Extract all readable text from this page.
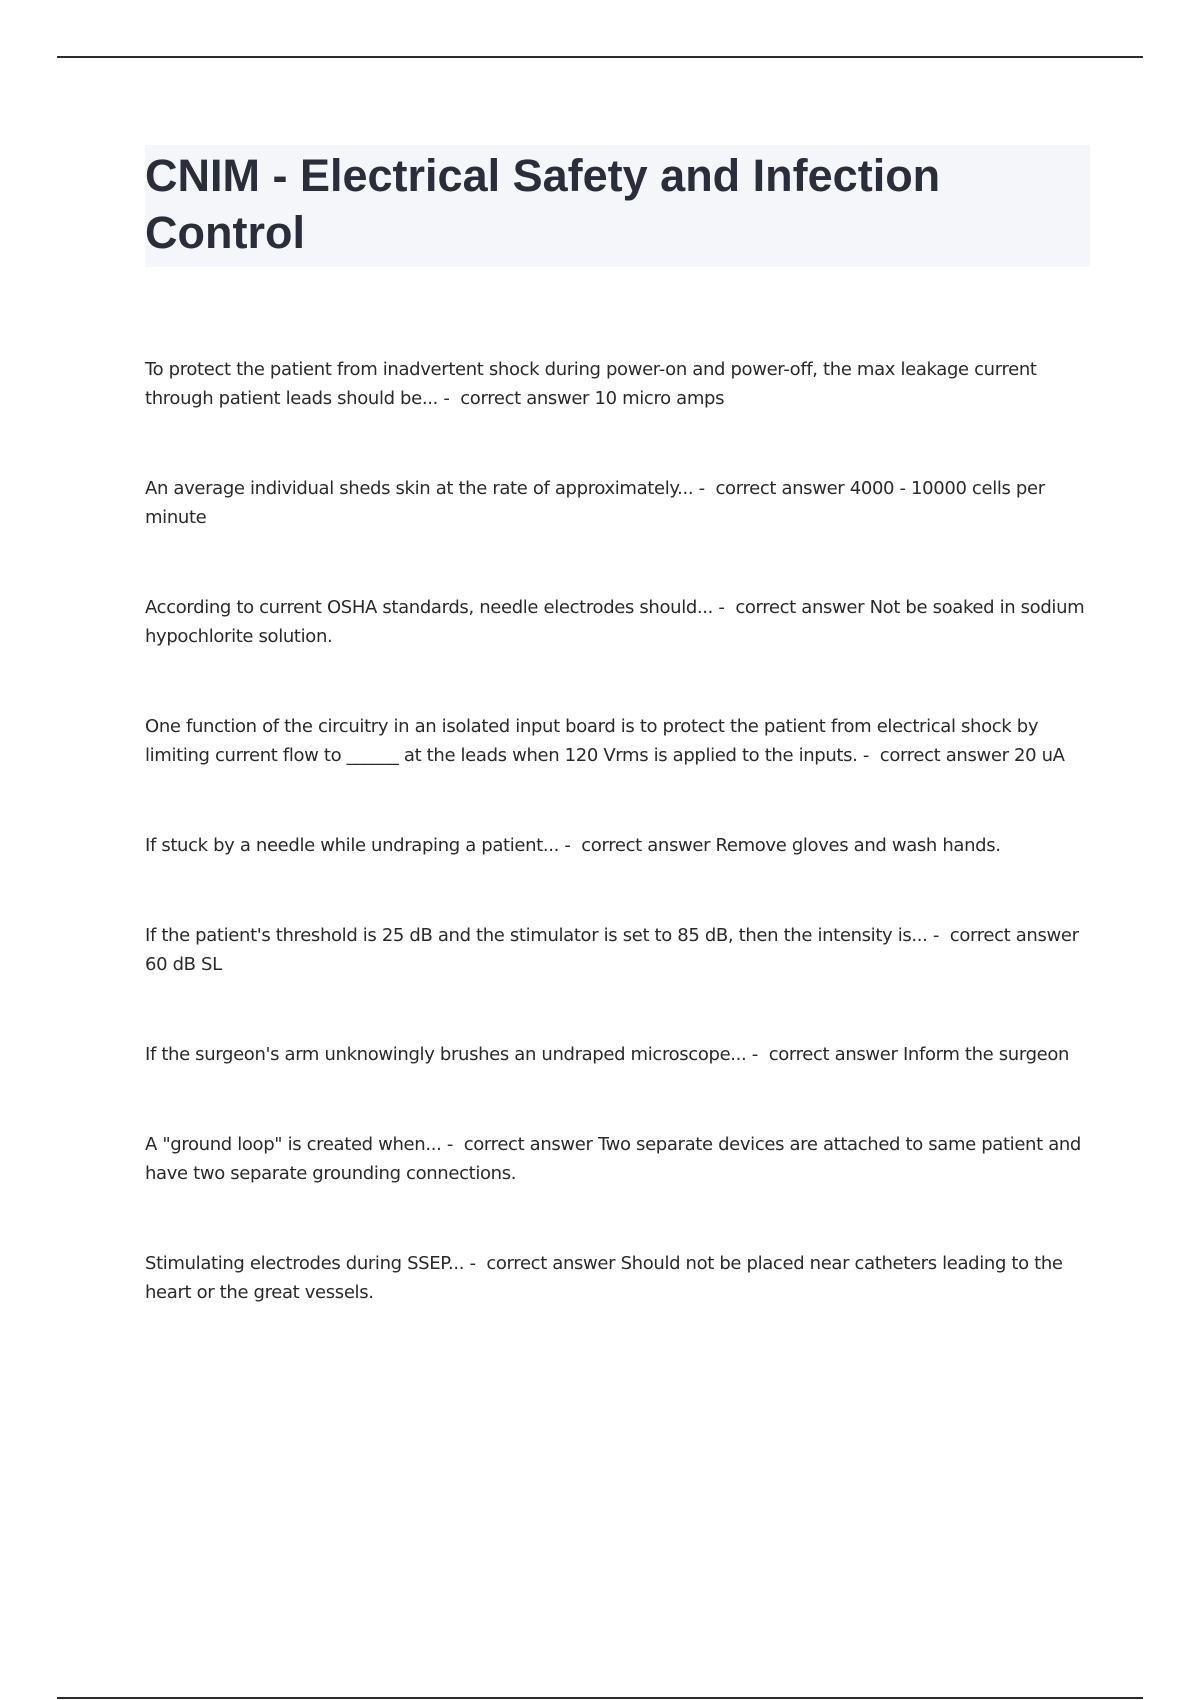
CNIM - Electrical Safety and Infection Control

To protect the patient from inadvertent shock during power-on and power-off, the max leakage current through patient leads should be... -  correct answer 10 micro amps

An average individual sheds skin at the rate of approximately... -  correct answer 4000 - 10000 cells per minute

According to current OSHA standards, needle electrodes should... -  correct answer Not be soaked in sodium hypochlorite solution.

One function of the circuitry in an isolated input board is to protect the patient from electrical shock by limiting current flow to ______ at the leads when 120 Vrms is applied to the inputs. -  correct answer 20 uA

If stuck by a needle while undraping a patient... -  correct answer Remove gloves and wash hands.

If the patient's threshold is 25 dB and the stimulator is set to 85 dB, then the intensity is... -  correct answer 60 dB SL

If the surgeon's arm unknowingly brushes an undraped microscope... -  correct answer Inform the surgeon

A "ground loop" is created when... -  correct answer Two separate devices are attached to same patient and have two separate grounding connections.

Stimulating electrodes during SSEP... -  correct answer Should not be placed near catheters leading to the heart or the great vessels.
